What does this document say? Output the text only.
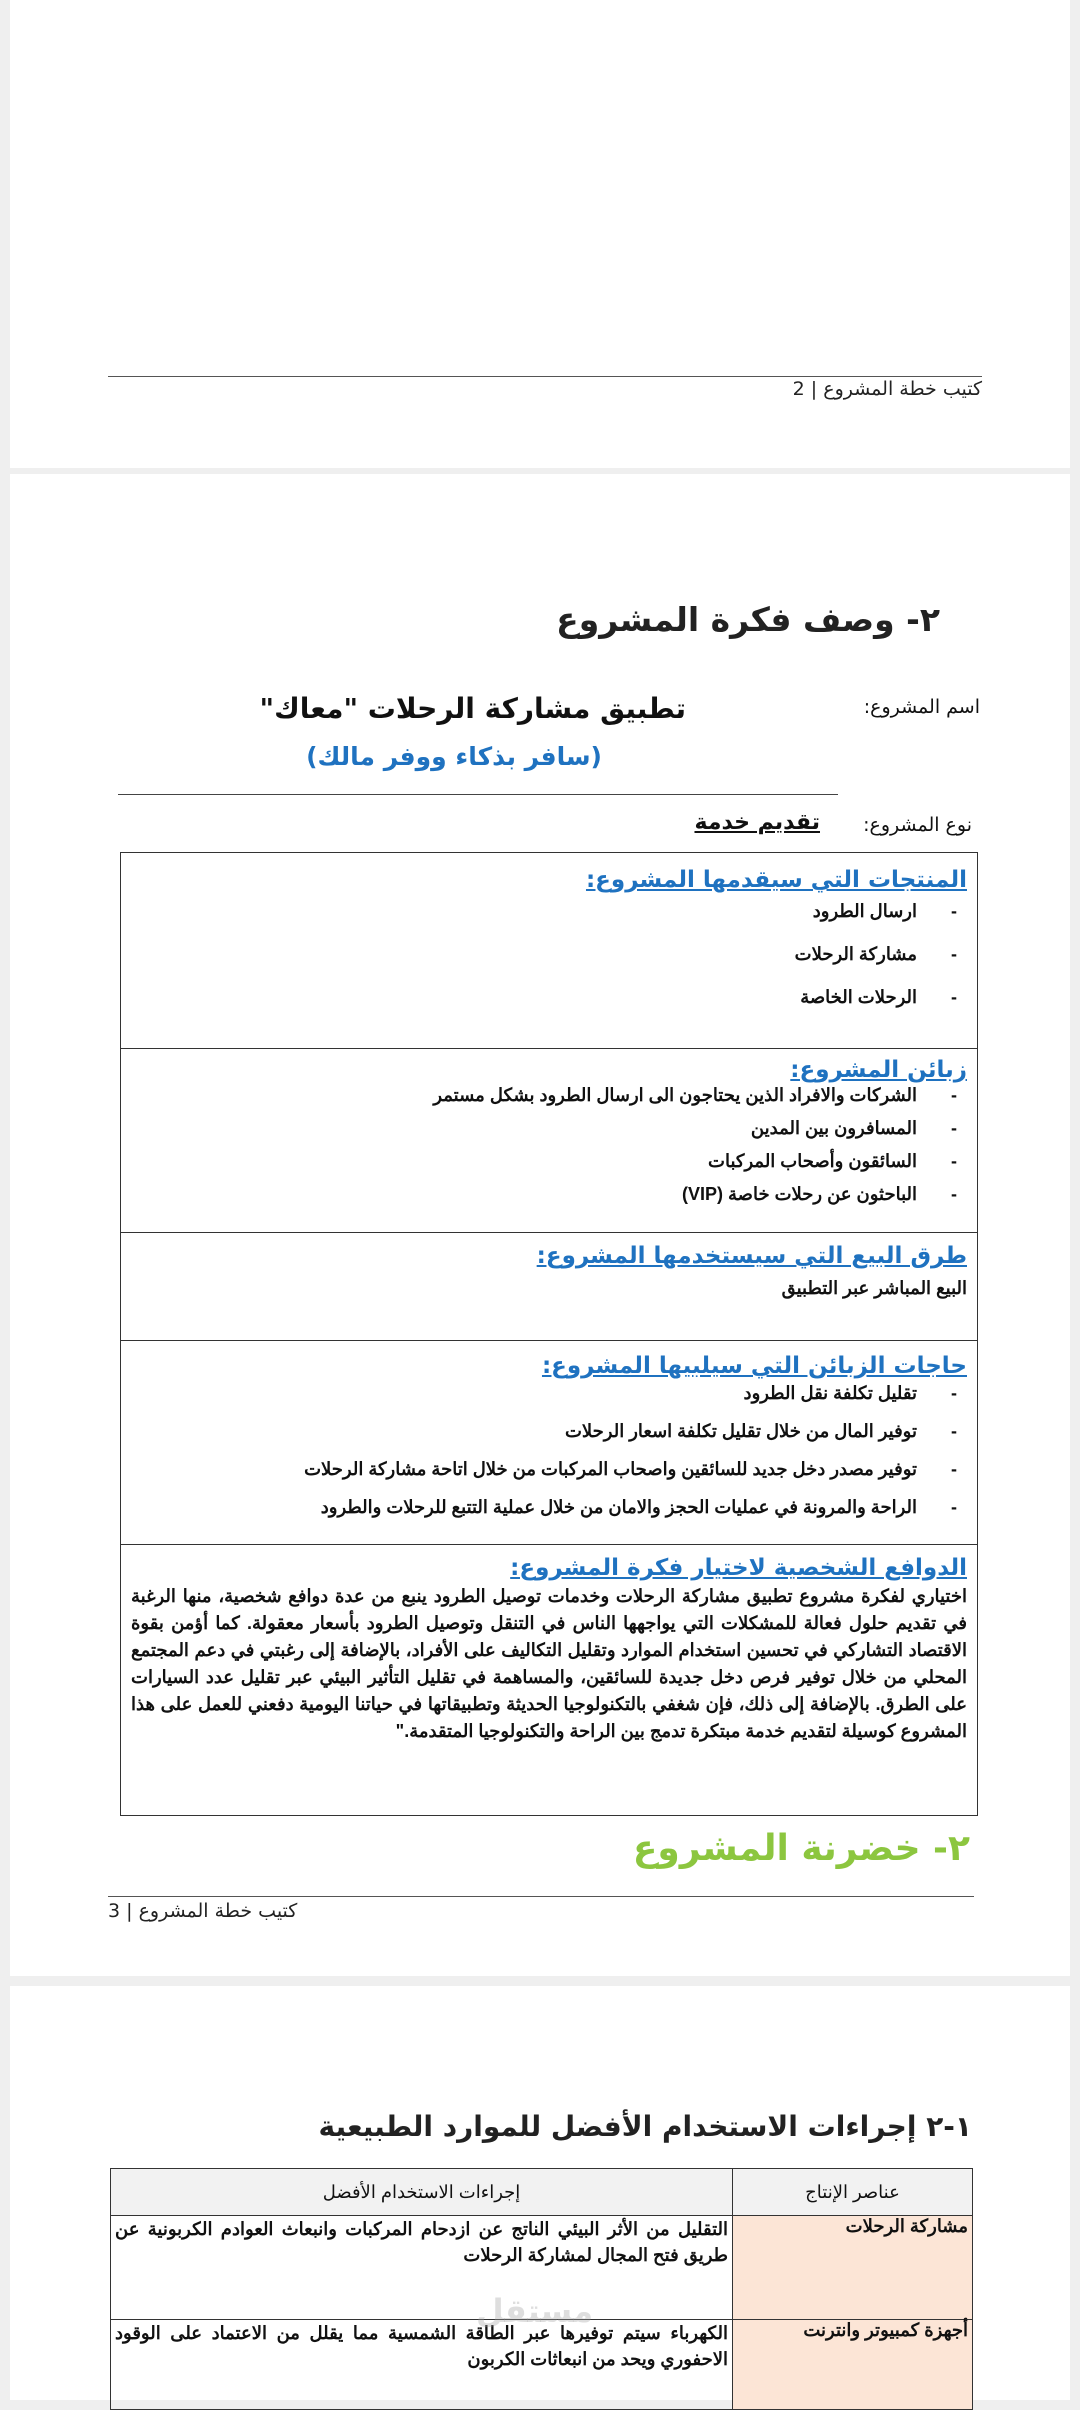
كتيب خطة المشروع | 2
٢- وصف فكرة المشروع
اسم المشروع:
تطبيق مشاركة الرحلات "معاك"
(سافر بذكاء ووفر مالك)
نوع المشروع:
تقديم خدمة
المنتجات التي سيقدمها المشروع:
- ارسال الطرود
- مشاركة الرحلات
- الرحلات الخاصة
زبائن المشروع:
- الشركات والافراد الذين يحتاجون الى ارسال الطرود بشكل مستمر
- المسافرون بين المدين
- السائقون وأصحاب المركبات
- الباحثون عن رحلات خاصة (VIP)
طرق البيع التي سيستخدمها المشروع:
البيع المباشر عبر التطبيق
حاجات الزبائن التي سيلبيها المشروع:
- تقليل تكلفة نقل الطرود
- توفير المال من خلال تقليل تكلفة اسعار الرحلات
- توفير مصدر دخل جديد للسائقين واصحاب المركبات من خلال اتاحة مشاركة الرحلات
- الراحة والمرونة في عمليات الحجز والامان من خلال عملية التتبع للرحلات والطرود
الدوافع الشخصية لاختيار فكرة المشروع:

اختياري لفكرة مشروع تطبيق مشاركة الرحلات وخدمات توصيل الطرود ينبع من عدة دوافع شخصية، منها الرغبة في تقديم حلول فعالة للمشكلات التي يواجهها الناس في التنقل وتوصيل الطرود بأسعار معقولة. كما أؤمن بقوة الاقتصاد التشاركي في تحسين استخدام الموارد وتقليل التكاليف على الأفراد، بالإضافة إلى رغبتي في دعم المجتمع المحلي من خلال توفير فرص دخل جديدة للسائقين، والمساهمة في تقليل التأثير البيئي عبر تقليل عدد السيارات على الطرق. بالإضافة إلى ذلك، فإن شغفي بالتكنولوجيا الحديثة وتطبيقاتها في حياتنا اليومية دفعني للعمل على هذا المشروع كوسيلة لتقديم خدمة مبتكرة تدمج بين الراحة والتكنولوجيا المتقدمة."

٢- خضرنة المشروع
كتيب خطة المشروع | 3
١-٢ إجراءات الاستخدام الأفضل للموارد الطبيعية
عناصر الإنتاج	إجراءات الاستخدام الأفضل
مشاركة الرحلات	التقليل من الأثر البيئي الناتج عن ازدحام المركبات وانبعاث العوادم الكربونية عن طريق فتح المجال لمشاركة الرحلات
أجهزة كمبيوتر وانترنت	الكهرباء سيتم توفيرها عبر الطاقة الشمسية مما يقلل من الاعتماد على الوقود الاحفوري ويحد من انبعاثات الكربون
مستقل
